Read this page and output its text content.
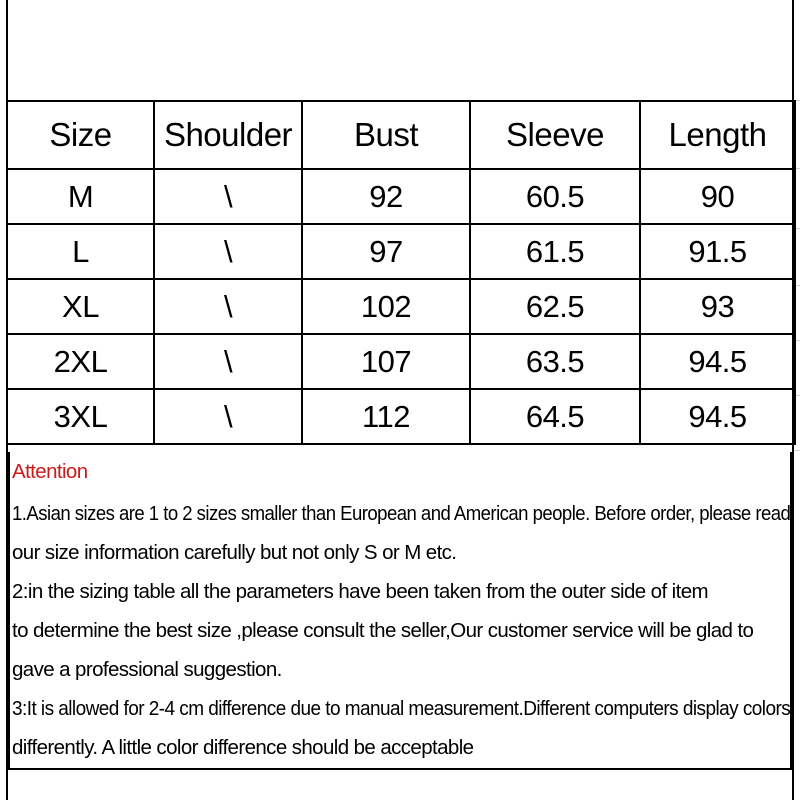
Size	Shoulder	Bust	Sleeve	Length
M	\	92	60.5	90
L	\	97	61.5	91.5
XL	\	102	62.5	93
2XL	\	107	63.5	94.5
3XL	\	112	64.5	94.5
Attention
1.Asian sizes are 1 to 2 sizes smaller than European and American people. Before order, please read
our size information carefully but not only S or M etc.
2:in the sizing table all the parameters have been taken from the outer side of item
to determine the best size ,please consult the seller,Our customer service will be glad to
gave a professional suggestion.
3:It is allowed for 2-4 cm difference due to manual measurement.Different computers display colors
differently. A little color difference should be acceptable
